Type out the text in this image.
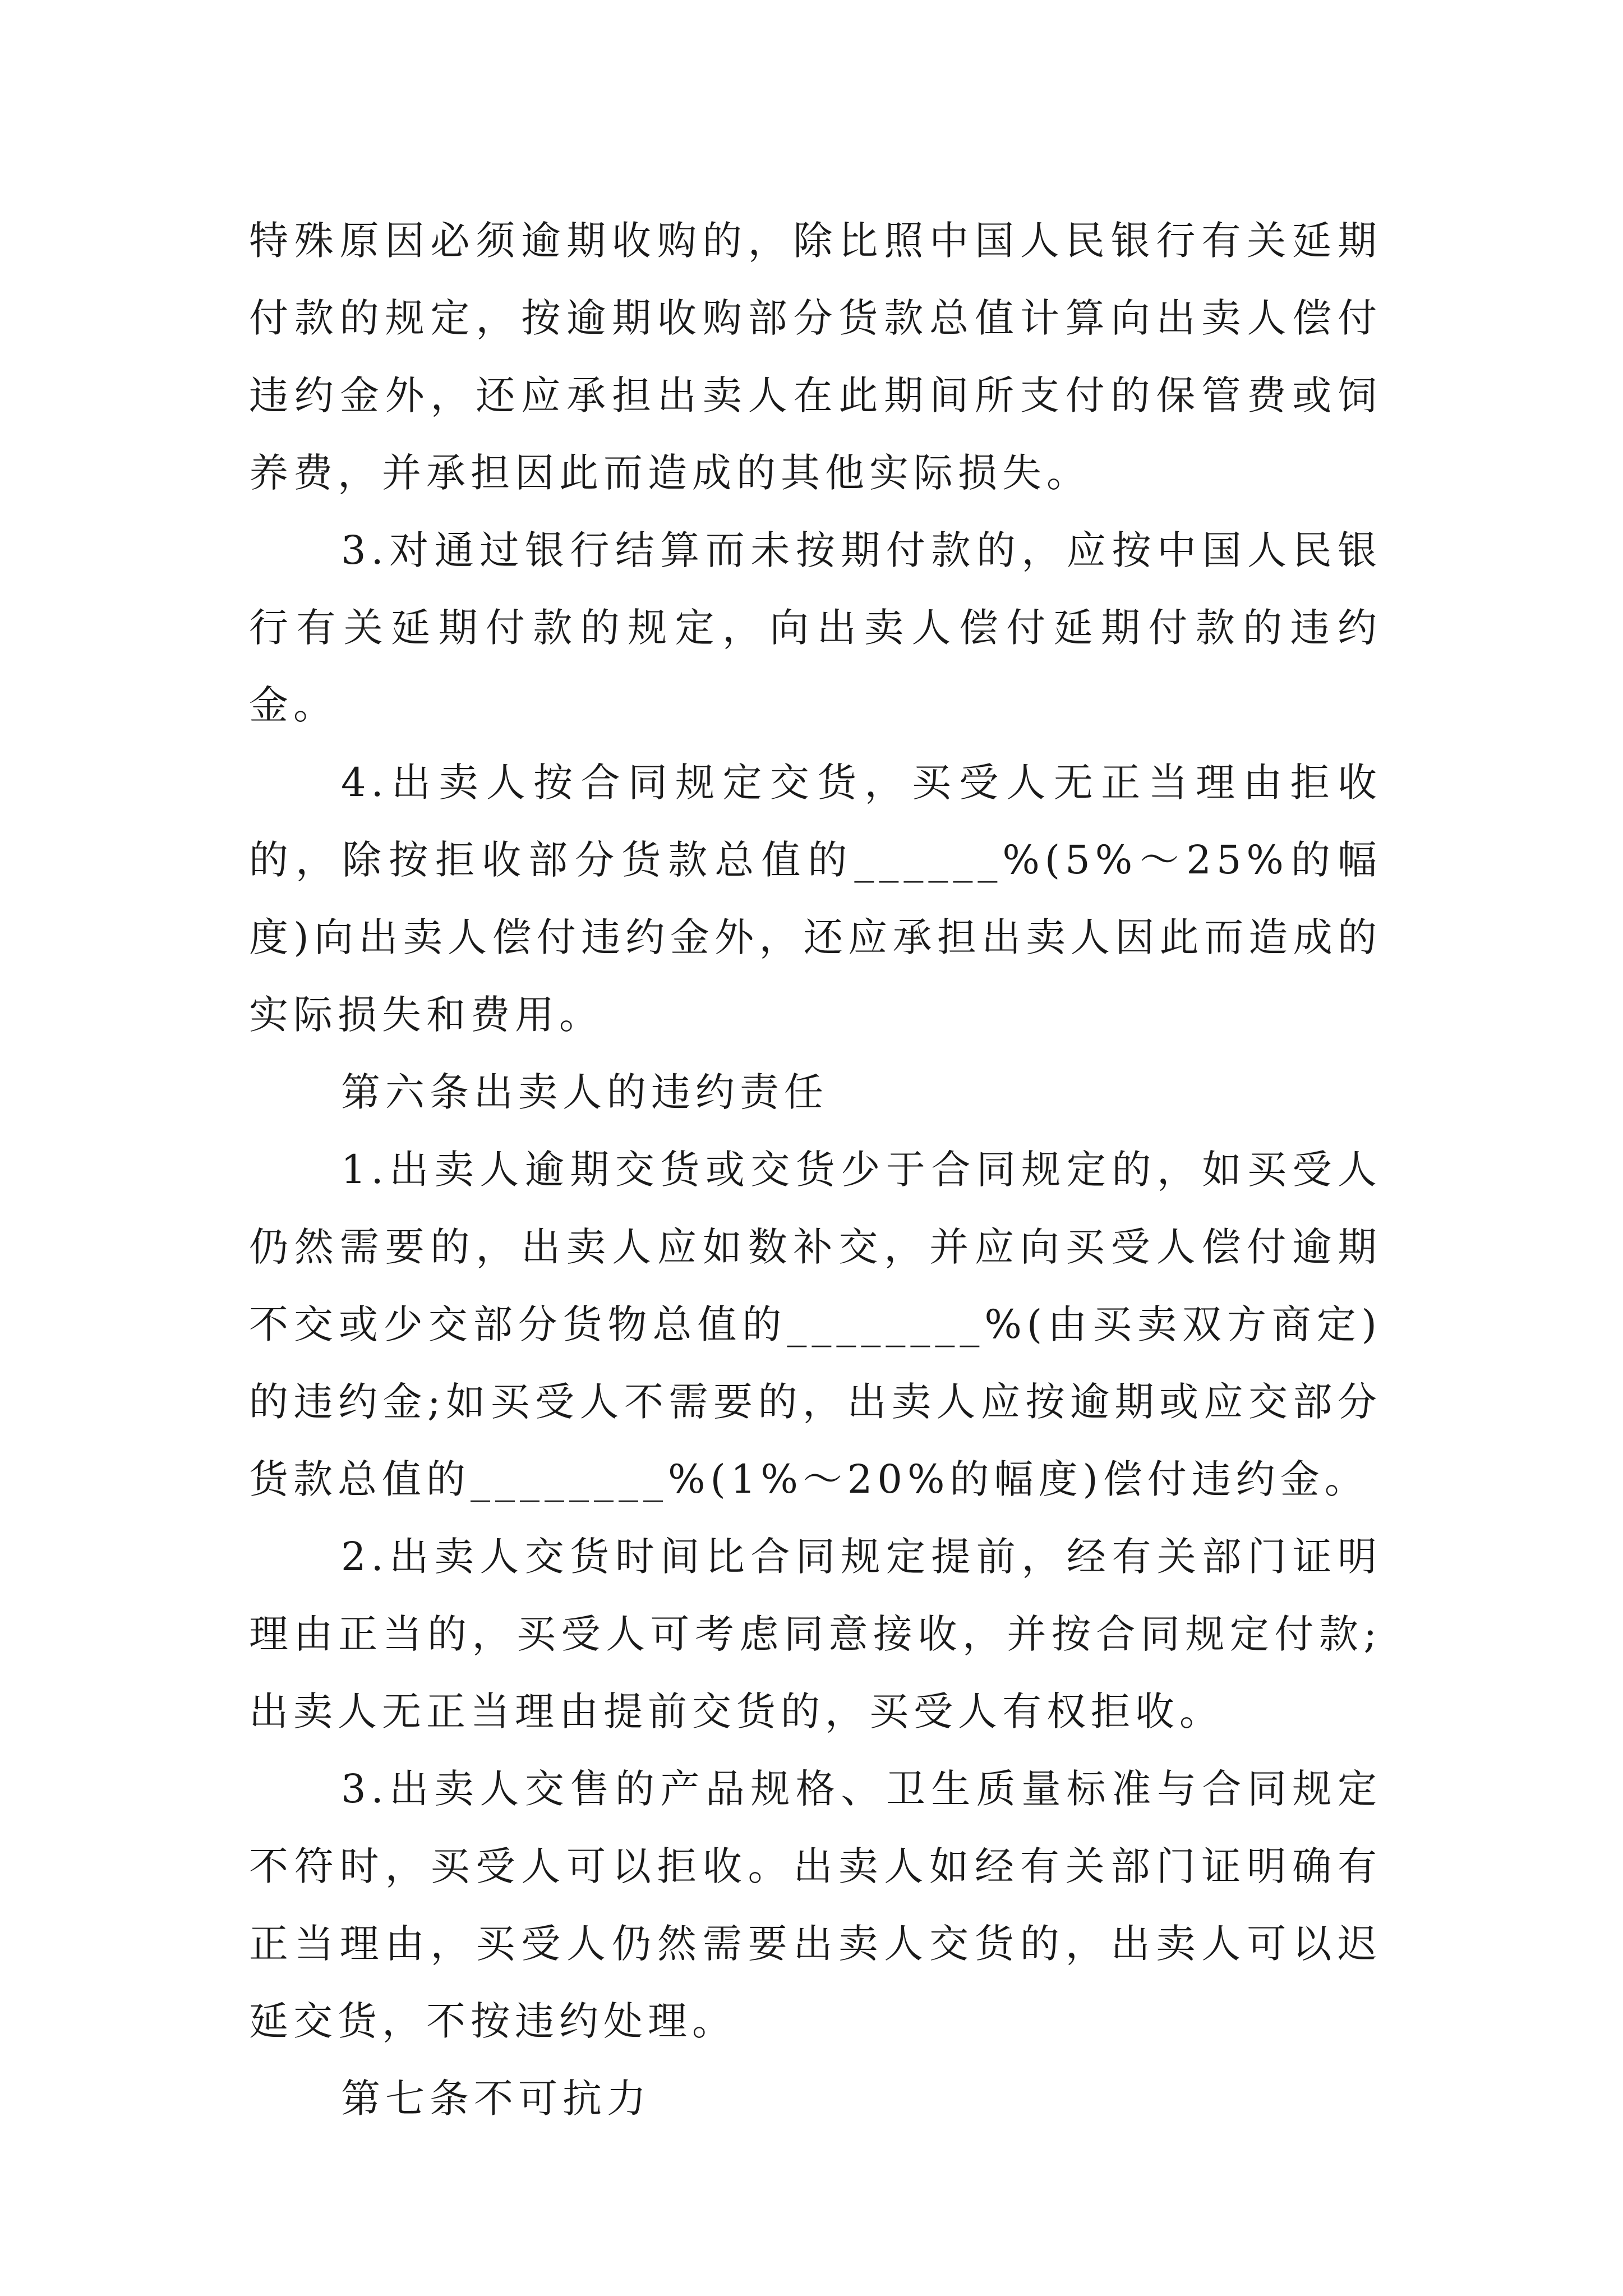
特殊原因必须逾期收购的，除比照中国人民银行有关延期付款的规定，按逾期收购部分货款总值计算向出卖人偿付违约金外，还应承担出卖人在此期间所支付的保管费或饲养费，并承担因此而造成的其他实际损失。

3.对通过银行结算而未按期付款的，应按中国人民银行有关延期付款的规定，向出卖人偿付延期付款的违约金。

4.出卖人按合同规定交货，买受人无正当理由拒收的，除按拒收部分货款总值的______%(5%～25%的幅度)向出卖人偿付违约金外，还应承担出卖人因此而造成的实际损失和费用。

第六条出卖人的违约责任

1.出卖人逾期交货或交货少于合同规定的，如买受人仍然需要的，出卖人应如数补交，并应向买受人偿付逾期不交或少交部分货物总值的________%(由买卖双方商定)的违约金;如买受人不需要的，出卖人应按逾期或应交部分货款总值的________%(1%～20%的幅度)偿付违约金。

2.出卖人交货时间比合同规定提前，经有关部门证明理由正当的，买受人可考虑同意接收，并按合同规定付款;出卖人无正当理由提前交货的，买受人有权拒收。

3.出卖人交售的产品规格、卫生质量标准与合同规定不符时，买受人可以拒收。出卖人如经有关部门证明确有正当理由，买受人仍然需要出卖人交货的，出卖人可以迟延交货，不按违约处理。

第七条不可抗力
